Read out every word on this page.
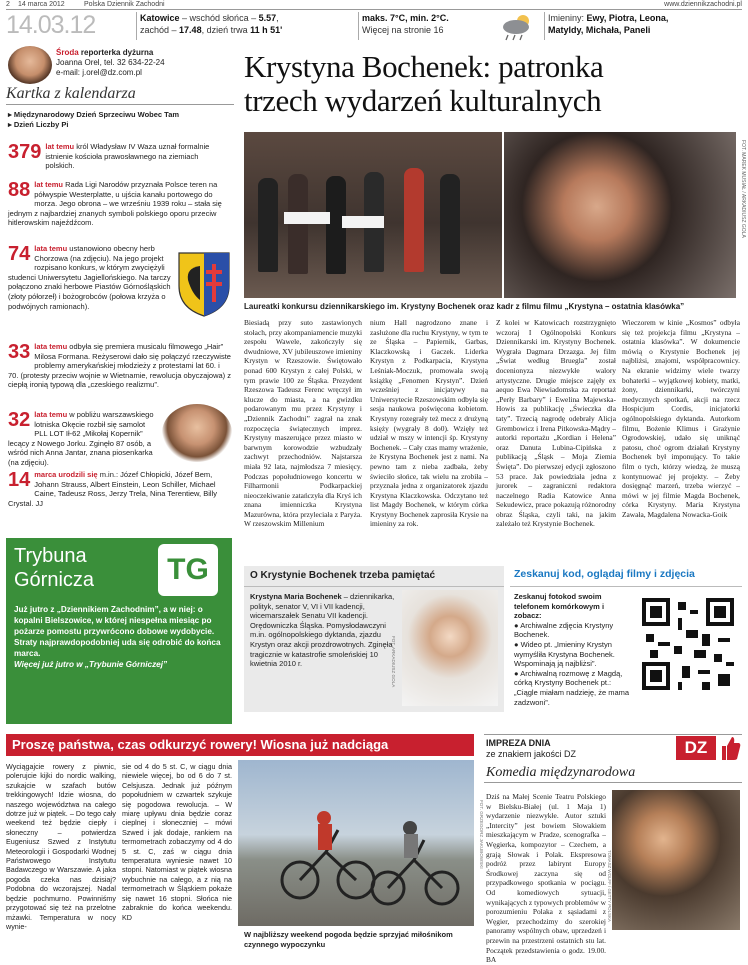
2 14 marca 2012	Polska Dziennik Zachodni	www.dziennikzachodni.pl
14.03.12	Katowice – wschód słońca – 5.57,
zachód – 17.48, dzień trwa 11 h 51'
maks. 7°C, min. 2°C.
Więcej na stronie 16
Imieniny: Ewy, Piotra, Leona,
Matyldy, Michała, Paneli
Środa reporterka dyżurna
Joanna Orel, tel. 32 634-22-24
e-mail: j.orel@dz.com.pl
Kartka z kalendarza
▸ Międzynarodowy Dzień Sprzeciwu Wobec Tam
▸ Dzień Liczby Pi
379 lat temu król Władysław IV Waza uznał formalnie istnienie kościoła prawosławnego na ziemiach polskich.
88 lat temu Rada Ligi Narodów przyznała Polsce teren na półwyspie Westerplatte, u ujścia kanału portowego do morza. Jego obrona – we wrześniu 1939 roku – stała się jednym z najbardziej znanych symboli polskiego oporu przeciw hitlerowskim najeźdźcom.
74 lata temu ustanowiono obecny herb Chorzowa (na zdjęciu). Na jego projekt rozpisano konkurs, w którym zwyciężyli studenci Uniwersytetu Jagiellońskiego. Na tarczy połączono znaki herbowe Piastów Górnośląskich (złoty półorzeł) i bożogrobców (połowa krzyża o podwójnych ramionach).
33 lata temu odbyła się premiera musicalu filmowego „Hair” Milosa Formana. Reżyserowi dało się połączyć rzeczywiste problemy amerykańskiej młodzieży z protestami lat 60. i 70. (protesty przeciw wojnie w Wietnamie, rewolucja obyczajowa) z ciepłą ironią typową dla „czeskiego realizmu”.
32 lata temu w pobliżu warszawskiego lotniska Okęcie rozbił się samolot PLL LOT Ił-62 „Mikołaj Kopernik” lecący z Nowego Jorku. Zginęło 87 osób, a wśród nich Anna Jantar, znana piosenkarka (na zdjęciu).
14 marca urodzili się m.in.: Józef Chłopicki, Józef Bem, Johann Strauss, Albert Einstein, Leon Schiller, Michael Caine, Tadeusz Ross, Jerzy Trela, Nina Terentiew, Billy Crystal. JJ
Trybuna
Górnicza	TG
Już jutro z „Dziennikiem Zachodnim”, a w niej: o kopalni Bielszowice, w której niespełna miesiąc po pożarze pomostu przywrócono dobowe wydobycie. Straty najprawdopodobniej uda się odrobić do końca marca.
Więcej już jutro w „Trybunie Górniczej”
Krystyna Bochenek: patronka
trzech wydarzeń kulturalnych
FOT. MAREK MUSIAŁ / ARKADIUSZ GOLA
Laureatki konkursu dziennikarskiego im. Krystyny Bochenek oraz kadr z filmu filmu „Krystyna – ostatnia klasówka”
Biesiadą przy suto zastawionych stołach, przy akompaniamencie muzyki zespołu Wawele, zakończyły się dwudniowe, XV jubileuszowe imieniny Krystyn w Rzeszowie. Świętowało ponad 600 Krystyn z całej Polski, w tym prawie 100 ze Śląska. Prezydent Rzeszowa Tadeusz Ferenc wręczył im klucze do miasta, a na gwizdku podarowanym mu przez Krystyny i „Dziennik Zachodni” zagrał na znak rozpoczęcia świątecznych imprez. Krystyny maszerujące przez miasto w barwnym korowodzie wzbudzały zachwyt przechodniów. Najstarsza miała 92 lata, najmłodsza 7 miesięcy. Podczas popołudniowego koncertu w Filharmonii Podkarpackiej nieoczekiwanie zatańczyła dla Kryś ich znana imienniczka Krystyna Mazurówna, która przyleciała z Paryża. W rzeszowskim Millenium
nium Hall nagrodzono znane i zasłużone dla ruchu Krystyny, w tym te ze Śląska – Papiernik, Garbas, Klaczkowską i Gaczek. Liderka Krystyn z Podkarpacia, Krystyna Leśniak-Moczuk, promowała swoją książkę „Fenomen Krystyn”. Dzień wcześniej z inicjatywy na Uniwersytecie Rzeszowskim odbyła się sesja naukowa poświęcona kobietom. Krystyny rozegrały też mecz z drużyną księży (wygrały 8 do0). Wzięły też udział w mszy w intencji śp. Krystyny Bochenek. – Cały czas mamy wrażenie, że Krystyna Bochenek jest z nami. Na pewno tam z nieba zadbała, żeby świeciło słońce, tak wielu na zrobiła – przyznała jedna z organizatorek zjazdu Krystyna Klaczkowska. Odczytano też list Magdy Bochenek, w którym córka Krystyny Bochenek zaprosiła Krysie na imieniny za rok.
Z kolei w Katowicach rozstrzygnięto wczoraj I Ogólnopolski Konkurs Dziennikarski im. Krystyny Bochenek. Wygrała Dagmara Drzazga. Jej film „Świat według Bruegla” został docenionyza niezwykłe walory artystyczne. Drugie miejsce zajęły ex aequo Ewa Niewiadomska za reportaż „Perły Barbary” i Ewelina Majewska-Howis za publikację „Świeczka dla taty”. Trzecią nagrodę odebrały Alicja Grembowicz i Irena Pitkowska-Mądry – autorki reportażu „Kordian i Helena” oraz Danuta Lubina-Cipińska z publikacją „Śląsk – Moja Ziemia Święta”. Do pierwszej edycji zgłoszono 53 prace. Jak powiedziała jedna z jurorek – zagraniczni redaktora naczelnego Radia Katowice Anna Sekudewicz, prace pokazują różnorodny obraz Śląska, czyli taki, na jakim zależało też Krystynie Bochenek.
Wieczorem w kinie „Kosmos” odbyła się też projekcja filmu „Krystyna – ostatnia klasówka”. W dokumencie mówią o Krystynie Bochenek jej najbliżsi, znajomi, współpracownicy. Na ekranie widzimy wiele twarzy bohaterki – wyjątkowej kobiety, matki, żony, dziennikarki, twórczyni medycznych spotkań, akcji na rzecz Hospicjum Cordis, inicjatorki ogólnopolskiego dyktanda. Autorkom filmu, Bożenie Klimus i Grażynie Ogrodowskiej, udało się uniknąć patosu, choć ogrom działań Krystyny Bochenek był imponujący. To takie film o tych, którzy wiedzą, że muszą kontynuować jej projekty. – Żeby dosięgnąć marzeń, trzeba wierzyć – mówi w jej filmie Magda Bochenek, córka Krystyny. Maria Krystyna Zawała, Magdalena Nowacka-Goik
O Krystynie Bochenek trzeba pamiętać
Krystyna Maria Bochenek – dziennikarka, polityk, senator V, VI i VII kadencji, wicemarszałek Senatu VII kadencji. Orędowniczka Śląska. Pomysłodawczyni m.in. ogólnopolskiego dyktanda, zjazdu Krystyn oraz akcji prozdrowotnych. Zginęła tragicznie w katastrofie smoleńskiej 10 kwietnia 2010 r.	FOT. ARKADIUSZ GOLA
Zeskanuj kod, oglądaj filmy i zdjęcia
Zeskanuj fotokod swoim telefonem komórkowym i zobacz:
● Archiwalne zdjęcia Krystyny Bochenek.
● Wideo pt. „Imieniny Krystyn wymyśliła Krystyna Bochenek. Wspominają ją najbliżsi”.
● Archiwalną rozmowę z Magdą, córką Krystyny Bochenek pt.: „Ciągle miałam nadzieję, że mama zadzwoni”.
Proszę państwa, czas odkurzyć rowery! Wiosna już nadciąga
Wyciągajcie rowery z piwnic, polerujcie kijki do nordic walking, szukajcie w szafach butów trekkingowych! Idzie wiosna, do naszego województwa na całego dotrze już w piątek. – Do tego cały weekend też będzie ciepły i słoneczny – potwierdza Eugeniusz Szwed z Instytutu Meteorologii i Gospodarki Wodnej Państwowego Instytutu Badawczego w Warszawie. A jaka pogoda czeka nas dzisiaj? Podobna do wczorajszej. Nadal będzie pochmurno. Powinniśmy przygotować się też na przelotne mżawki. Temperatura w nocy wynie-
sie od 4 do 5 st. C, w ciągu dnia niewiele więcej, bo od 6 do 7 st. Celsjusza. Jednak już późnym popołudniem w czwartek szykuje się pogodowa rewolucja. – W miarę upływu dnia będzie coraz cieplnej i słoneczniej – mówi Szwed i jak dodaje, rankiem na termometrach zobaczymy od 4 do 5 st. C, zaś w ciągu dnia temperatura wyniesie nawet 10 stopni. Natomiast w piątek wiosna wybuchnie na całego, a z nią na termometrach w Śląskiem pokaże się nawet 16 stopni. Słońca nie zabraknie do końca weekendu. KD
FOT. GRZEGORZ JAKUBOWSKI
W najbliższy weekend pogoda będzie sprzyjać miłośnikom czynnego wypoczynku
IMPREZA DNIA
ze znakiem jakości DZ	DZ
Komedia międzynarodowa
Dziś na Małej Scenie Teatru Polskiego w Bielsku-Białej (ul. 1 Maja 1) wydarzenie niezwykłe. Autor sztuki „Intercity” jest bowiem Słowakiem mieszkającym w Pradze, scenografka – Węgierka, kompozytor – Czechem, a grają Słowak i Polak. Ekspresowa podróż przez labirynt Europy Środkowej zaczyna się od przypadkowego spotkania w pociągu. Od komediowych sytuacji, wynikających z typowych problemów w porozumieniu Polaka z sąsiadami z Węgier, przechodzimy do szerokiej panoramy wspólnych obaw, uprzedzeń i przewin na przestrzeni ostatnich stu lat. Początek przedstawienia o godz. 19.00. BA
TOMASZ WOLFF / GETTY POLSKA
